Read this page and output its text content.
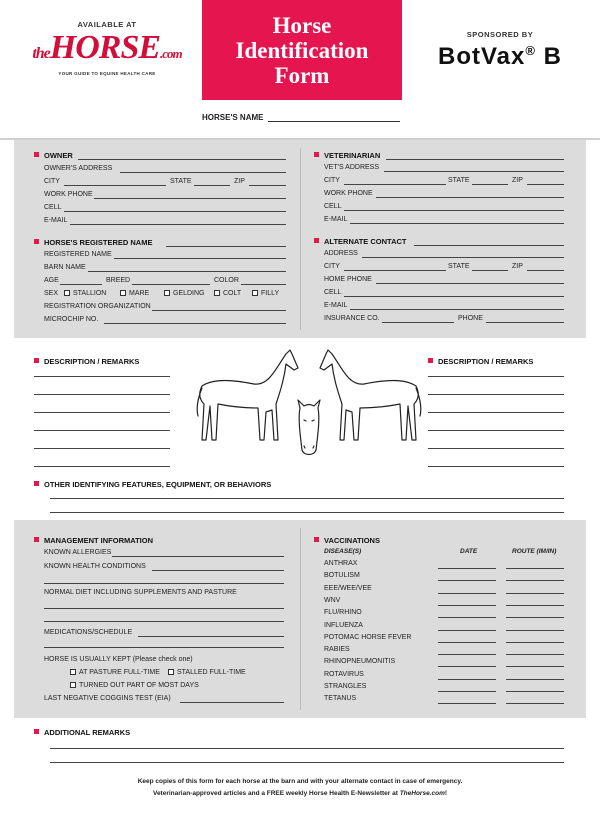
AVAILABLE AT
theHORSE.com
YOUR GUIDE TO EQUINE HEALTH CARE
Horse
Identification
Form
SPONSORED BY
BotVax® B
HORSE'S NAME
OWNER
OWNER'S ADDRESS
CITY	STATE	ZIP
WORK PHONE
CELL
E-MAIL
HORSE'S REGISTERED NAME
REGISTERED NAME
BARN NAME
AGE	BREED	COLOR
SEX	STALLION	MARE	GELDING	COLT	FILLY
REGISTRATION ORGANIZATION
MICROCHIP NO.
VETERINARIAN
VET'S ADDRESS
CITY	STATE	ZIP
WORK PHONE
CELL
E-MAIL
ALTERNATE CONTACT
ADDRESS
CITY	STATE	ZIP
HOME PHONE
CELL
E-MAIL
INSURANCE CO.	PHONE
DESCRIPTION / REMARKS	DESCRIPTION / REMARKS
OTHER IDENTIFYING FEATURES, EQUIPMENT, OR BEHAVIORS
MANAGEMENT INFORMATION
KNOWN ALLERGIES
KNOWN HEALTH CONDITIONS
NORMAL DIET INCLUDING SUPPLEMENTS AND PASTURE
MEDICATIONS/SCHEDULE
HORSE IS USUALLY KEPT (Please check one)
AT PASTURE FULL-TIME	STALLED FULL-TIME
TURNED OUT PART OF MOST DAYS
LAST NEGATIVE COGGINS TEST (EIA)
VACCINATIONS
DISEASE(S)	DATE	ROUTE (IM/IN)
ANTHRAX
BOTULISM
EEE/WEE/VEE
WNV
FLU/RHINO
INFLUENZA
POTOMAC HORSE FEVER
RABIES
RHINOPNEUMONITIS
ROTAVIRUS
STRANGLES
TETANUS
ADDITIONAL REMARKS
Keep copies of this form for each horse at the barn and with your alternate contact in case of emergency.
Veterinarian-approved articles and a FREE weekly Horse Health E-Newsletter at TheHorse.com!
